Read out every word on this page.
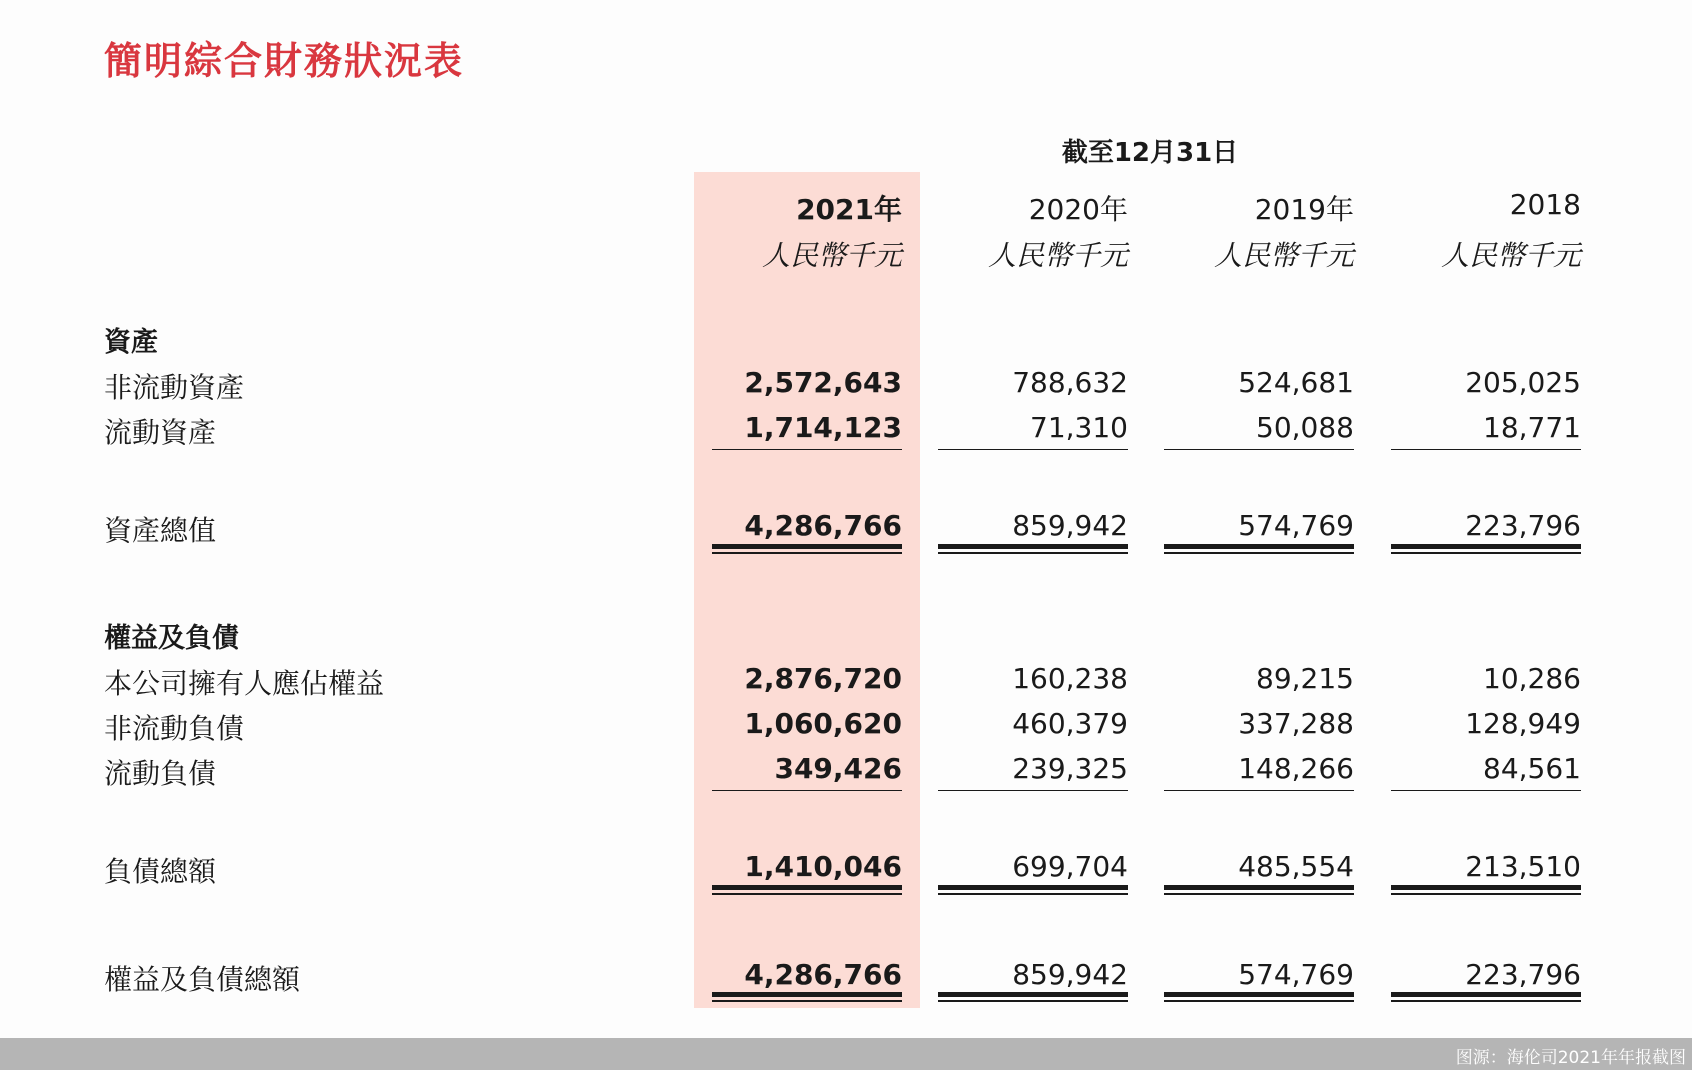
簡明綜合財務狀況表
截至12月31日
2021年	2020年	2019年	2018
人民幣千元	人民幣千元	人民幣千元	人民幣千元
資產
非流動資產	2,572,643	788,632	524,681	205,025
流動資產	1,714,123	71,310	50,088	18,771
資產總值	4,286,766	859,942	574,769	223,796
權益及負債
本公司擁有人應佔權益	2,876,720	160,238	89,215	10,286
非流動負債	1,060,620	460,379	337,288	128,949
流動負債	349,426	239,325	148,266	84,561
負債總額	1,410,046	699,704	485,554	213,510
權益及負債總額	4,286,766	859,942	574,769	223,796
图源：海伦司2021年年报截图
